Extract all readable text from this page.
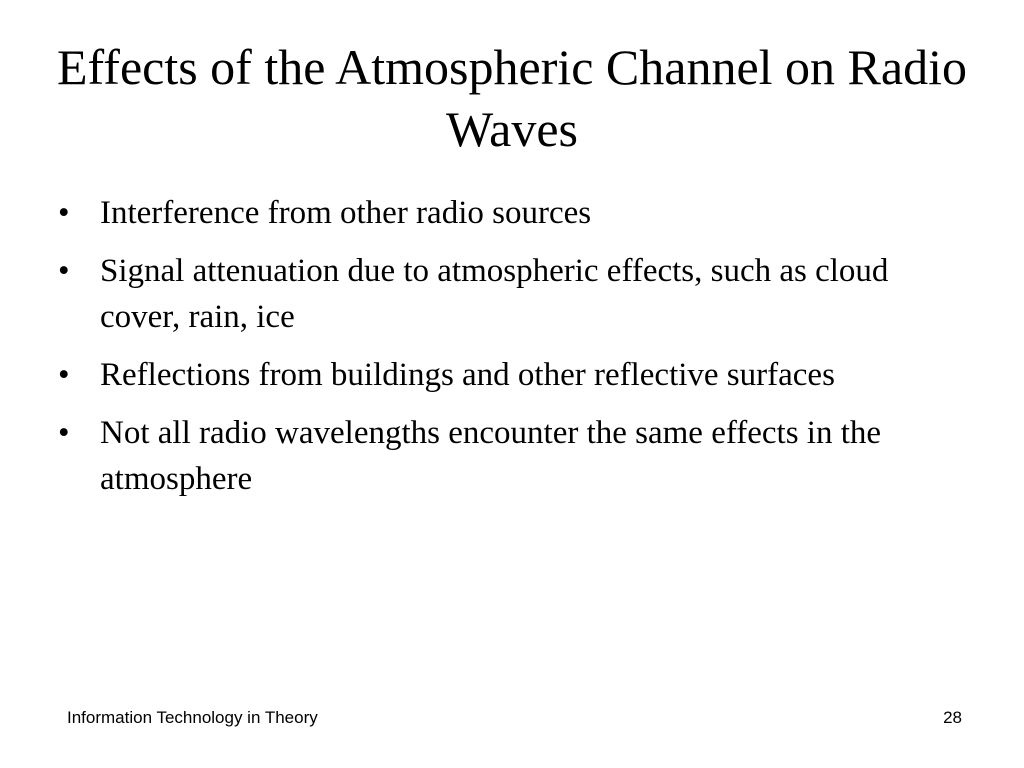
Effects of the Atmospheric Channel on Radio Waves
• Interference from other radio sources
• Signal attenuation due to atmospheric effects, such as cloud cover, rain, ice
• Reflections from buildings and other reflective surfaces
• Not all radio wavelengths encounter the same effects in the atmosphere
Information Technology in Theory	28
